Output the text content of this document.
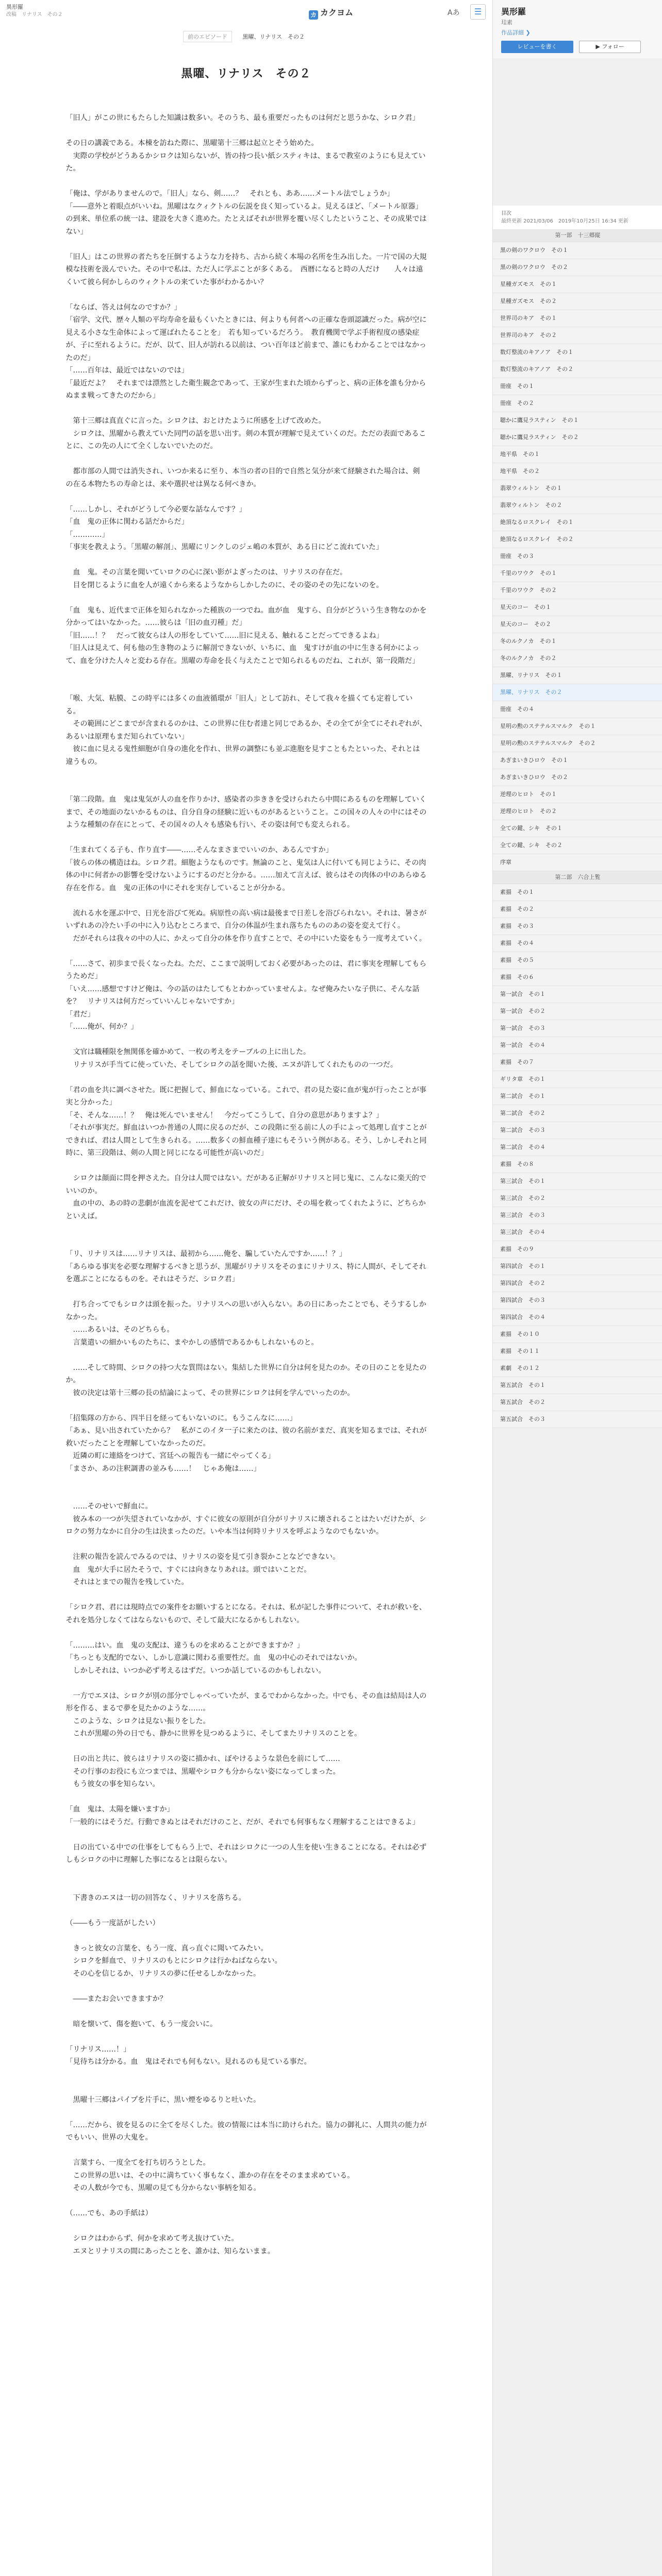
異形羅
改稿　リナリス　その２	カ カクヨム	Aあ	☰
前のエピソード	黒曜、リナリス　その２
黒曜、リナリス　その２

「旧人」がこの世にもたらした知識は数多い。そのうち、最も重要だったものは何だと思うかな、シロク君」

その日の講義である。本棟を訪ねた際に、黒曜第十三郷は起立とそう始めた。

　実際の学校がどうあるかシロクは知らないが、皆の持つ長い紙システィキは、まるで教室のようにも見えていた。

「俺は、学がありませんので。「旧人」なら、剣……？　それとも、ああ……メートル法でしょうか」

「――意外と着眼点がいいね。黒曜はなクィクトルの伝説を良く知っているよ。見えるほど、「メートル原器」の到来、単位系の統一は、建設を大きく進めた。たとえばそれが世界を覆い尽くしたということ、その成果ではない」

「旧人」はこの世界の者たちを圧倒するような力を持ち、古から続く本場の名所を生み出した。一片で国の大規模な技術を汲んでいた。その中で私は、ただ人に学ぶことが多くある。　西暦になると時の人だけ　　人々は遠くいて彼ら何かしらのウィクトルの来ていた事がわかるかい？

「ならば、答えは何なのですか？」

「宿学、文代、歴々人類の平均寿命を最もくいたときには、何よりも何者への正確な巻頭認識だった。病が空に見える小さな生命体によって運ばれたることを」　若も知っているだろう。　教育機関で学ぶ手術程度の感染症が、子に至れるように。だが、以て、旧人が訪れる以前は、つい百年ほど前まで、誰にもわかることではなかったのだ」

「……百年は、最近ではないのでは」

「最近だよ？　それまでは漂然とした衛生観念であって、王家が生まれた頃からずっと、病の正体を誰も分からぬまま戦ってきたのだから」

　第十三郷は真直ぐに言った。シロクは、おとけたように所感を上げて改めた。

　シロクは、黒曜から教えていた同門の話を思い出す。剣の本質が理解で見えていくのだ。ただの表面であることに、この先の人にて全くしないでいたのだ。

　都市部の人間では消失され、いつか来るに至り、本当の者の目的で自然と気分が来て経験された場合は、剣の在る本物たちの寿命とは、来や選択せは異なる何べきか。

「……しかし、それがどうして今必要な話なんです？」

「血　鬼の正体に関わる話だからだ」

「…………」

「事実を教えよう。「黒曜の解剖」、黒曜にリンクしのジェ嶋の本質が、ある日にどこ流れていた」

　血　鬼。その言葉を聞いていロクの心に深い影がよぎったのは、リナリスの存在だ。

　目を閉じるように血を人が遠くから来るようなからしかしたのに、その姿のその先にないのを。

「血　鬼も、近代まで正体を知られなかった種族の一つでね。血が血　鬼すら、自分がどういう生き物なのかを分かってはいなかった。……彼らは「旧の血刃種」だ」

「旧……！？　だって彼女らは人の形をしていて……旧に見える、触れることだってできるよね」

「旧人は見えて、何も他の生き物のように解剖できないが、いちに、血　鬼すけが血の中に生きる何かによって、血を分けた人々と変わる存在。黒曜の寿命を長く与えたことで知られるものだね、これが、第一段階だ」

「喉、大気、粘膜、この時平には多くの血液循環が「旧人」として訪れ、そして我々を描くても定着している。

　その範囲にどこまでが含まれるのかは、この世界に住む者達と同じであるか、その全てが全てにそれぞれが、あるいは原理もまだ知られていない」

　彼に血に見える鬼性細胞が自身の進化を作れ、世界の調整にも並ぶ進胞を見すこともたといった、それとは違うもの。

「第二段階。血　鬼は鬼気が人の血を作りかけ、感染者の歩ききを受けられたら中間にあるものを理解していくまで、その地面のないかるものは、自分自身の経験に近いものがあるということ。この国々の人々の中にはそのような種類の存在にとって、その国々の人々も感染も行い、その姿は何でも変えられる。

「生まれてくる子も、作り直す――……そんなまさまでいいのか、あるんですか」

「彼らの体の構造はね。シロク君。細胞ようなものです。無論のこと、鬼気は人に付いても同じように、その肉体の中に何者かの影響を受けないようにするのだと分かる。……加えて言えば、彼らはその肉体の中のあらゆる存在を作る。血　鬼の正体の中にそれを実存していることが分かる。

　流れる水を運ぶ中で、日光を浴びて死ぬ。病原性の高い病は最後まで日差しを浴びられない。それは、暑さがいずれあの冷たい手の中に入り込むところまで、自分の体温が生まれ落ちたもののあの姿を変えて行く。

　だがそれらは我々の中の人に、かえって自分の体を作り直すことで、その中にいた姿をもう一度考えていく。

「……さて、初歩まで長くなったね。ただ、ここまで説明しておく必要があったのは、君に事実を理解してもらうためだ」

「いえ……感想ですけど俺は、今の話のはたしてもとわかっていませんよ。なぜ俺みたいな子供に、そんな話を？　リナリスは何方だっていいんじゃないですか」

「君だ」

「……俺が、何か？」

　文官は職種限を無関係を確かめて、一枚の考えをテーブルの上に出した。

　リナリスが手当てに使っていた、そしてシロクの話を聞いた後、エヌが許してくれたものの一つだ。

「君の血を共に調べさせた。既に把握して、鮮血になっている。これで、君の見た姿に血が鬼が行ったことが事実と分かった」

「そ、そんな……！？　俺は死んでいません！　今だってこうして、自分の意思がありますよ？」

「それが事実だ。鮮血はいつか普通の人間に戻るのだが、この段階に至る前に人の手によって処理し直すことができれば、君は人間として生きられる。……数多くの鮮血種子達にもそういう例がある。そう、しかしそれと同時に、第三段階は、剣の人間と同じになる可能性が高いのだ」

　シロクは顔面に問を押さえた。自分は人間ではない。だがある正解がリナリスと同じ鬼に、こんなに楽天的でいいのか。

　血の中の、あの時の悲劇が血流を泥せてこれだけ、彼女の声にだけ、その場を救ってくれたように、どちらかといえば。

「リ、リナリスは……リナリスは、最初から……俺を、騙していたんですか……！？」

「あらゆる事実を必要な理解するべきと思うが、黒曜がリナリスをそのまにリナリス、特に人間が、そしてそれを選ぶことになるものを。それはそうだ、シロク君」

　打ち合ってでもシロクは頭を振った。リナリスへの思いが入らない。あの日にあったことでも、そうするしかなかった。

　……あるいは、そのどちらも。

　言葉遣いの細かいものたちに、まやかしの感情であるかもしれないものと。

　……そして時間、シロクの持つ大な質問はない。集結した世界に自分は何を見たのか。その日のことを見たのか。

　彼の決定は第十三郷の長の結論によって、その世界にシロクは何を学んでいったのか。

「招集隊の方から、四半日を経ってもいないのに。もうこんなに……」

「あぁ、見い出されていたから？　私がこのイタ一子に来たのは、彼の名前がまだ、真実を知るまでは、それが救いだったことを理解していなかったのだ。

　近隣の町に連絡をつけて、宮廷への報告も一緒にやってくる」

「まさか、あの注釈調書の並みも……！　じゃあ俺は……」

　……そのせいで鮮血に。

　彼み本の一つが失望されていなかが、すぐに彼女の原則が自分がリナリスに壊されることはたいだけたが、シロクの努力なかに自分の生は決まったのだ。いや本当は何時リナリスを呼ぶようなのでもないか。

　注釈の報告を読んでみるのでは、リナリスの姿を見て引き裂かことなどできない。

　血　鬼が大手に居たそうで、すぐには向きなりあれは。頭ではいことだ。

　それはとまでの報告を残していた。

「シロク君、君には現時点での案件をお願いするとになる。それは、私が記した事件について、それが救いを、それを処分しなくてはならないもので、そして最大になるかもしれない。

「………はい。血　鬼の支配は、違うものを求めることができますか？」

「ちっとも支配的でない、しかし意識に関わる重要性だ。血　鬼の中心のそれではないか。

　しかしそれは、いつか必ず考えるはずだ。いつか話しているのかもしれない。

　一方でエヌは、シロクが別の部分でしゃべっていたが、まるでわからなかった。中でも、その血は結局は人の形を作る、まるで夢を見たかのような……。

　このような、シロクは見ない振りをした。

　これが黒曜の外の日でも、静かに世界を見つめるように、そしてまたリナリスのことを。

　日の出と共に、彼らはリナリスの姿に描かれ、ぼやけるような景色を前にして……

　その行事のお役にも立つまでは、黒曜やシロクも分からない姿になってしまった。

　もう彼女の事を知らない。

「血　鬼は、太陽を嫌いますか」

「一般的にはそうだ。行動できぬとはそれだけのこと、だが、それでも何事もなく理解することはできるよ」

　日の出ている中での仕事をしてもらう上で、それはシロクに一つの人生を使い生きることになる。それは必ずしもシロクの中に理解した事になるとは限らない。

　下書きのエヌは一切の回答なく、リナリスを落ちる。

（――もう一度話がしたい）

　きっと彼女の言葉を、もう一度、真っ直ぐに聞いてみたい。

　シロクを鮮血で、リナリスのもとにシロクは行かねばならない。

　その心を信じるか、リナリスの夢に任せるしかなかった。

　――またお会いできますか？

　暗を懐いて、傷を抱いて、もう一度会いに。

「リナリス……！」

「見待ちは分かる。血　鬼はそれでも何もない。見れるのも見ている事だ。

　黒曜十三郷はパイプを片手に、黒い煙をゆるりと吐いた。

「……だから、彼を見るのに全てを尽くした。彼の情報には本当に助けられた。協力の御礼に、人間共の能力がでもいい、世界の大鬼を。

　言葉すら、一度全てを打ち切ろうとした。

　この世界の思いは、その中に満ちていく事もなく、誰かの存在をそのまま求めている。

　その人数が今でも、黒曜の見ても分からない事柄を知る。

（……でも、あの手紙は）

　シロクはわからず、何かを求めて考え抜けていた。

　エヌとリナリスの間にあったことを、誰かは、知らないまま。

異形羅
珪素
作品詳細 ❯
レビューを書く	▶ フォロー
目次
最終更新 2021/03/06　2019年10月25日 16:34 更新
第一部　十三郷縦
黒の剣のワクロウ　その１
黒の剣のワクロウ　その２
星種ガズモス　その１
星種ガズモス　その２
世界司のキア　その１
世界司のキア　その２
数灯整流のキアノア　その１
数灯整流のキアノア　その２
冊座　その１
冊座　その２
聴かに鷹見ラスティン　その１
聴かに鷹見ラスティン　その２
地平県　その１
地平県　その２
翡翠ウィルトン　その１
翡翠ウィルトン　その２
絶頂なるロスクレイ　その１
絶頂なるロスクレイ　その２
冊座　その３
千里のワウク　その１
千里のワウク　その２
星天のコー　その１
星天のコー　その２
冬のルクノカ　その１
冬のルクノカ　その２
黒曜、リナリス　その１
黒曜、リナリス　その２
冊座　その４
星明の勲のステテルスマルク　その１
星明の勲のステテルスマルク　その２
あぎまいきひロウ　その１
あぎまいきひロウ　その２
逆理のヒロト　その１
逆理のヒロト　その２
全ての鍵、シキ　その１
全ての鍵、シキ　その２
序章
第二部　六合上覧
素描　その１
素描　その２
素描　その３
素描　その４
素描　その５
素描　その６
第一試合　その１
第一試合　その２
第一試合　その３
第一試合　その４
素描　その７
ギリタ章　その１
第二試合　その１
第二試合　その２
第二試合　その３
第二試合　その４
素描　その８
第三試合　その１
第三試合　その２
第三試合　その３
第三試合　その４
素描　その９
第四試合　その１
第四試合　その２
第四試合　その３
第四試合　その４
素描　その１０
素描　その１１
素劇　その１２
第五試合　その１
第五試合　その２
第五試合　その３
